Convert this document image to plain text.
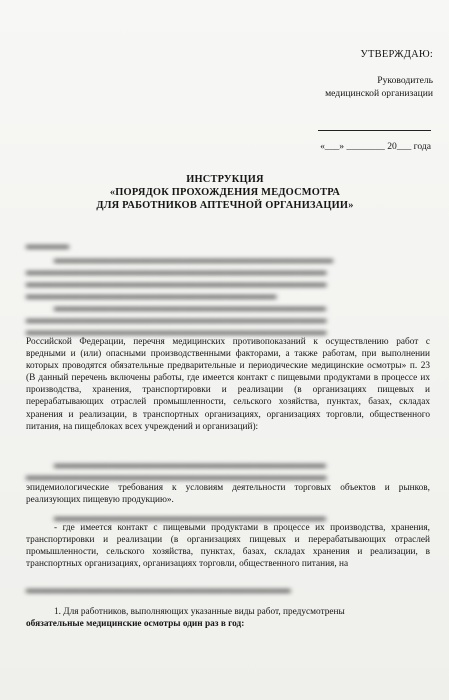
УТВЕРЖДАЮ:
Руководитель
медицинской организации
«___» ________ 20___ года
ИНСТРУКЦИЯ
«ПОРЯДОК ПРОХОЖДЕНИЯ МЕДОСМОТРА
ДЛЯ РАБОТНИКОВ АПТЕЧНОЙ ОРГАНИЗАЦИИ»
▂▂▂▂▂▂
▂▂▂▂▂▂▂▂▂▂▂▂▂▂▂▂▂▂▂▂▂▂▂▂▂▂▂▂▂▂▂▂▂▂▂▂▂▂▂
▂▂▂▂▂▂▂▂▂▂▂▂▂▂▂▂▂▂▂▂▂▂▂▂▂▂▂▂▂▂▂▂▂▂▂▂▂▂▂▂▂▂
▂▂▂▂▂▂▂▂▂▂▂▂▂▂▂▂▂▂▂▂▂▂▂▂▂▂▂▂▂▂▂▂▂▂▂▂▂▂▂▂▂▂
▂▂▂▂▂▂▂▂▂▂▂▂▂▂▂▂▂▂▂▂▂▂▂▂▂▂▂▂▂▂▂▂▂▂▂
▂▂▂▂▂▂▂▂▂▂▂▂▂▂▂▂▂▂▂▂▂▂▂▂▂▂▂▂▂▂▂▂▂▂▂▂▂▂
▂▂▂▂▂▂▂▂▂▂▂▂▂▂▂▂▂▂▂▂▂▂▂▂▂▂▂▂▂▂▂▂▂▂▂▂▂▂▂▂▂▂
▂▂▂▂▂▂▂▂▂▂▂▂▂▂▂▂▂▂▂▂▂▂▂▂▂▂▂▂▂▂▂▂▂▂▂▂▂▂▂▂▂▂
Российской Федерации, перечня медицинских противопоказаний к осуществлению работ с вредными и (или) опасными производственными факторами, а также работам, при выполнении которых проводятся обязательные предварительные и периодические медицинские осмотры» п. 23 (В данный перечень включены работы, где имеется контакт с пищевыми продуктами в процессе их производства, хранения, транспортировки и реализации (в организациях пищевых и перерабатывающих отраслей промышленности, сельского хозяйства, пунктах, базах, складах хранения и реализации, в транспортных организациях, организациях торговли, общественного питания, на пищеблоках всех учреждений и организаций):
▂▂▂▂▂▂▂▂▂▂▂▂▂▂▂▂▂▂▂▂▂▂▂▂▂▂▂▂▂▂▂▂▂▂▂▂▂▂
▂▂▂▂▂▂▂▂▂▂▂▂▂▂▂▂▂▂▂▂▂▂▂▂▂▂▂▂▂▂▂▂▂▂▂▂▂▂▂▂▂▂
эпидемиологические требования к условиям деятельности торговых объектов и рынков, реализующих пищевую продукцию».
▂▂▂▂▂▂▂▂▂▂▂▂▂▂▂▂▂▂▂▂▂▂▂▂▂▂▂▂▂▂▂▂▂▂▂▂▂▂
- где имеется контакт с пищевыми продуктами в процессе их производства, хранения, транспортировки и реализации (в организациях пищевых и перерабатывающих отраслей промышленности, сельского хозяйства, пунктах, базах, складах хранения и реализации, в транспортных организациях, организациях торговли, общественного питания, на
▂▂▂▂▂▂▂▂▂▂▂▂▂▂▂▂▂▂▂▂▂▂▂▂▂▂▂▂▂▂▂▂▂▂▂▂▂
1. Для работников, выполняющих указанные виды работ, предусмотрены
обязательные медицинские осмотры один раз в год:
